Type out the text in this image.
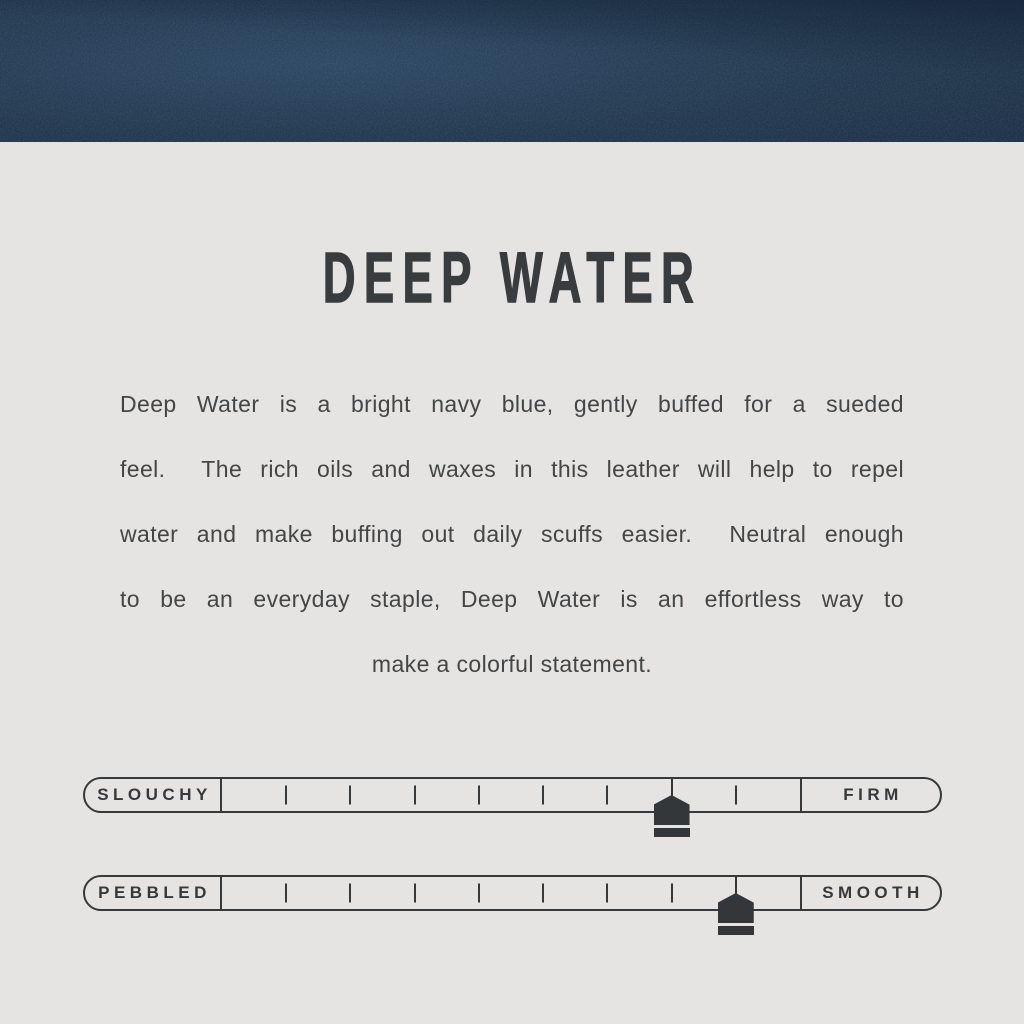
DEEP WATER
Deep Water is a bright navy blue, gently buffed for a sueded
feel.  The rich oils and waxes in this leather will help to repel
water and make buffing out daily scuffs easier.  Neutral enough
to be an everyday staple, Deep Water is an effortless way to
make a colorful statement.
SLOUCHY	FIRM
PEBBLED	SMOOTH
